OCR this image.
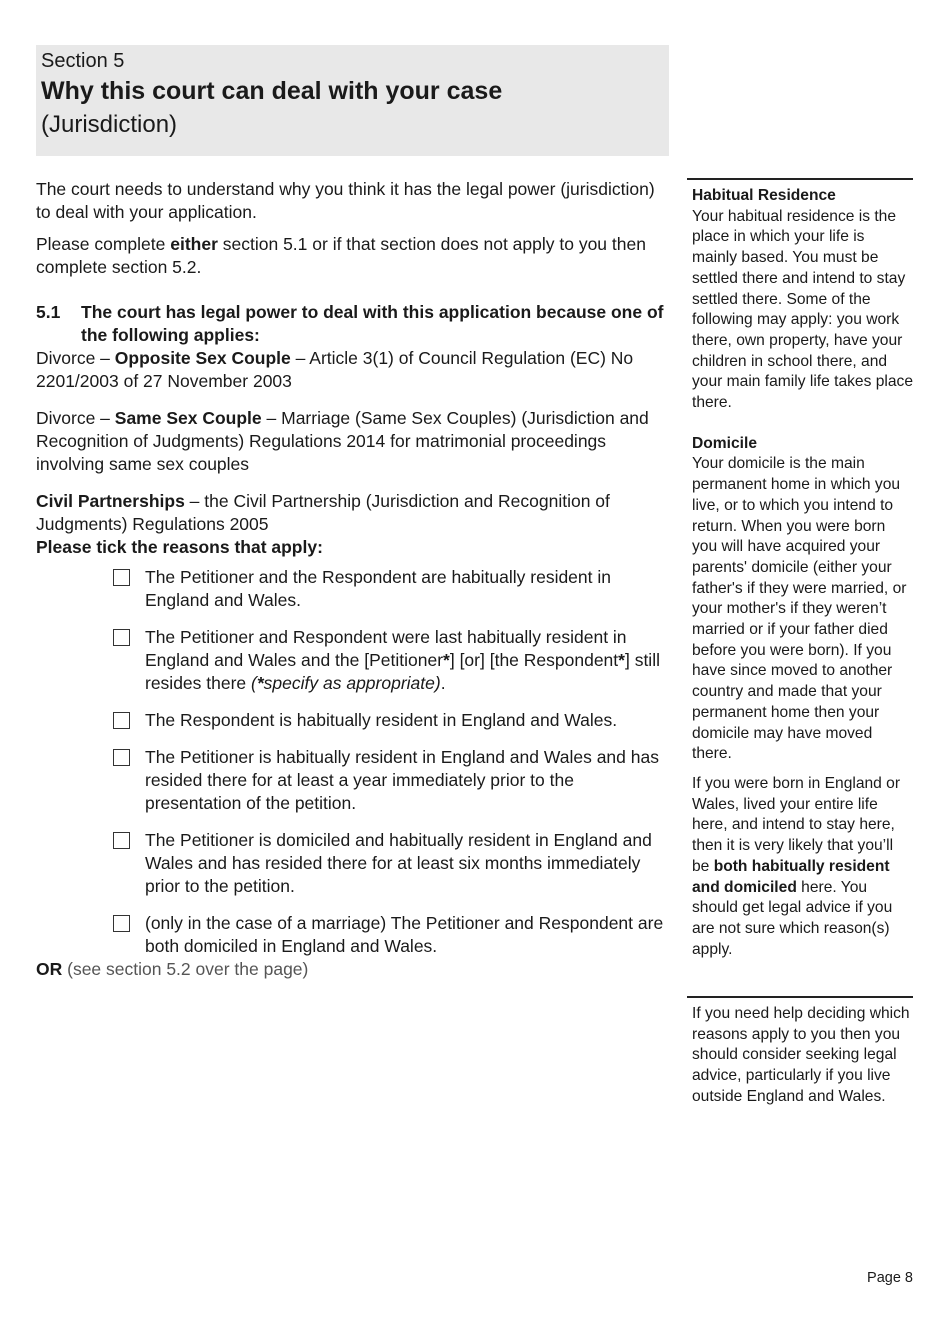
Section 5
Why this court can deal with your case
(Jurisdiction)

The court needs to understand why you think it has the legal power (jurisdiction) to deal with your application.

Please complete either section 5.1 or if that section does not apply to you then complete section 5.2.

5.1 The court has legal power to deal with this application because one of the following applies:

Divorce – Opposite Sex Couple – Article 3(1) of Council Regulation (EC) No 2201/2003 of 27 November 2003

Divorce – Same Sex Couple – Marriage (Same Sex Couples) (Jurisdiction and Recognition of Judgments) Regulations 2014 for matrimonial proceedings involving same sex couples

Civil Partnerships – the Civil Partnership (Jurisdiction and Recognition of Judgments) Regulations 2005

Please tick the reasons that apply:

The Petitioner and the Respondent are habitually resident in England and Wales.
The Petitioner and Respondent were last habitually resident in England and Wales and the [Petitioner*] [or] [the Respondent*] still resides there (*specify as appropriate).
The Respondent is habitually resident in England and Wales.
The Petitioner is habitually resident in England and Wales and has resided there for at least a year immediately prior to the presentation of the petition.
The Petitioner is domiciled and habitually resident in England and Wales and has resided there for at least six months immediately prior to the petition.
(only in the case of a marriage) The Petitioner and Respondent are both domiciled in England and Wales.

OR (see section 5.2 over the page)

Habitual Residence

Your habitual residence is the place in which your life is mainly based. You must be settled there and intend to stay settled there. Some of the following may apply: you work there, own property, have your children in school there, and your main family life takes place there.

Domicile

Your domicile is the main permanent home in which you live, or to which you intend to return. When you were born you will have acquired your parents' domicile (either your father's if they were married, or your mother's if they weren’t married or if your father died before you were born). If you have since moved to another country and made that your permanent home then your domicile may have moved there.

If you were born in England or Wales, lived your entire life here, and intend to stay here, then it is very likely that you’ll be both habitually resident and domiciled here. You should get legal advice if you are not sure which reason(s) apply.

If you need help deciding which reasons apply to you then you should consider seeking legal advice, particularly if you live outside England and Wales.

Page 8
